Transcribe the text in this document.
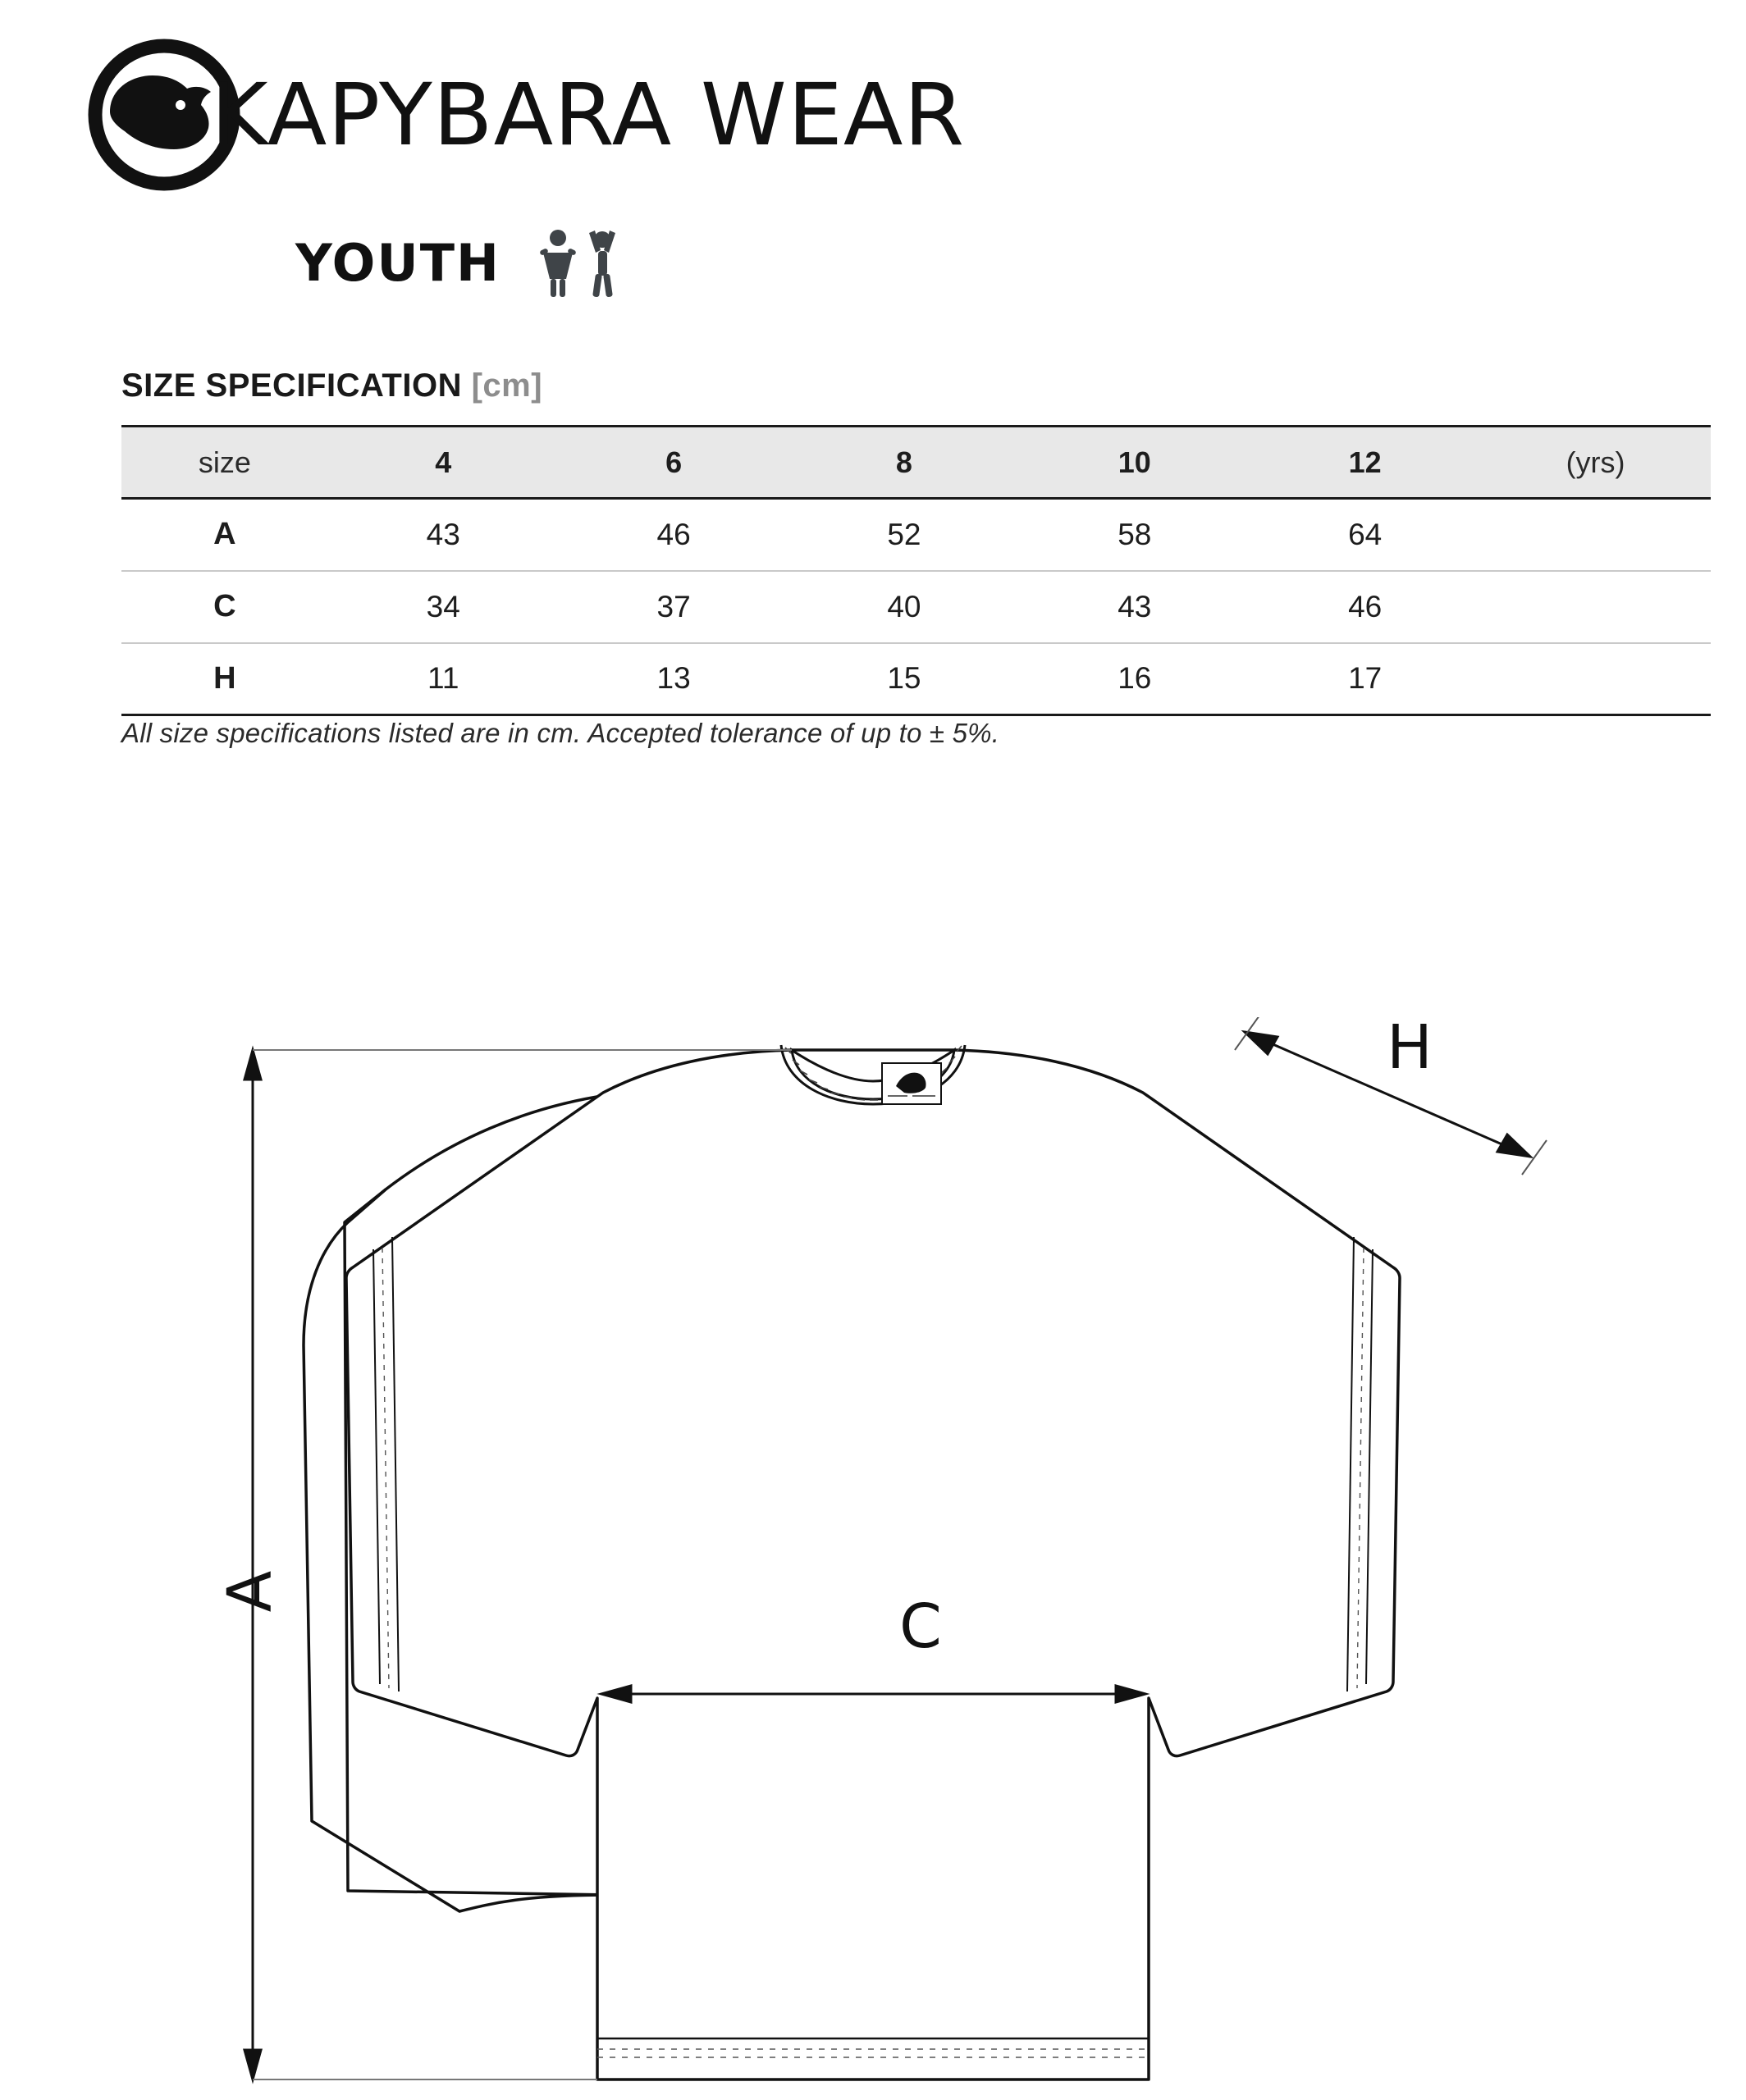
KAPYBARA WEAR
YOUTH
SIZE SPECIFICATION [cm]
size	4	6	8	10	12	(yrs)
A	43	46	52	58	64	
C	34	37	40	43	46	
H	11	13	15	16	17	
All size specifications listed are in cm. Accepted tolerance of up to ± 5%.
A	C
H
